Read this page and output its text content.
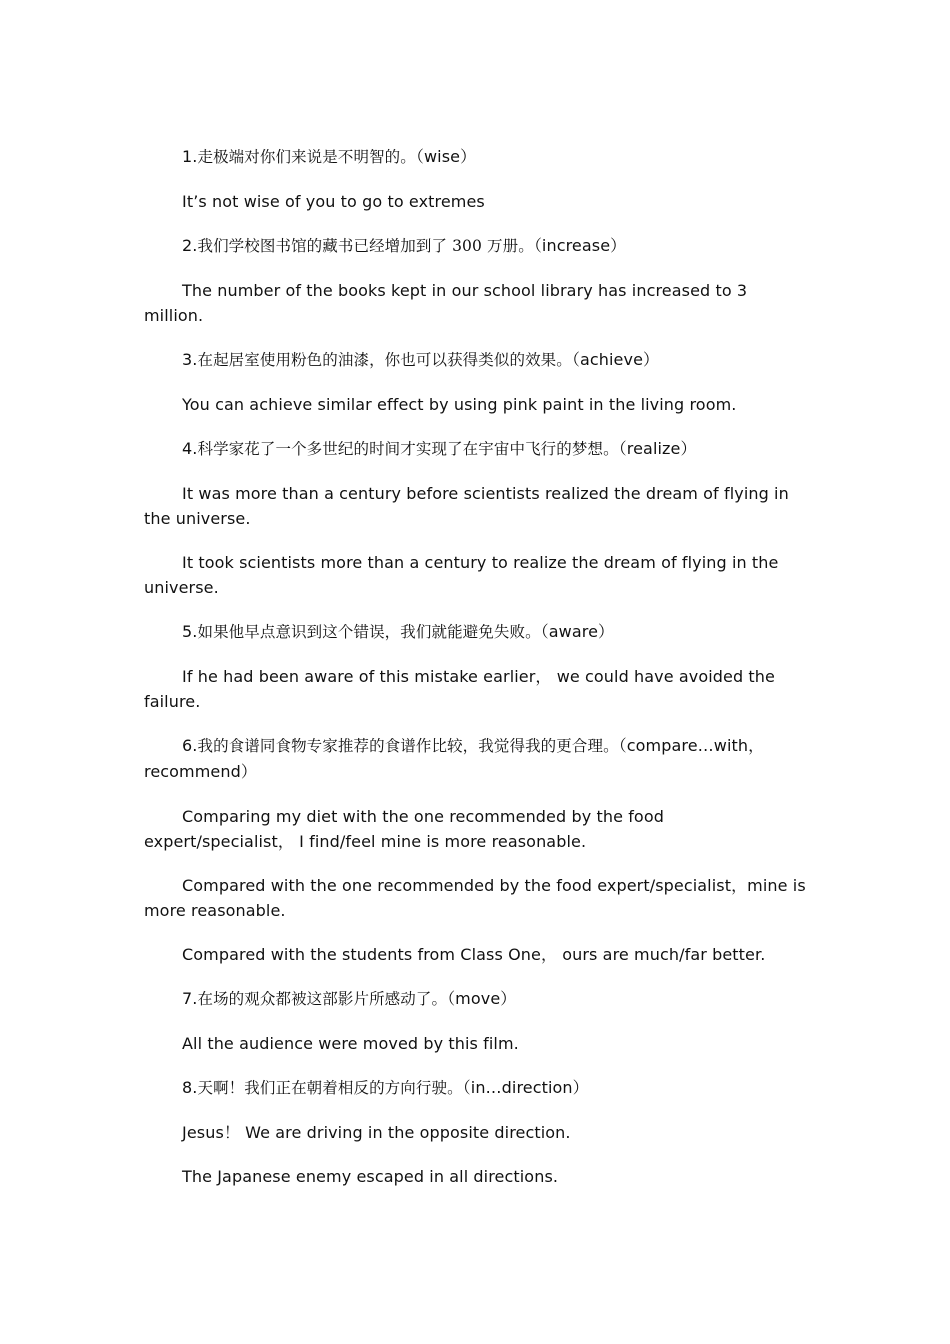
1.走极端对你们来说是不明智的。（wise）

It’s not wise of you to go to extremes

2.我们学校图书馆的藏书已经增加到了 300 万册。（increase）

The number of the books kept in our school library has increased to 3 million.

3.在起居室使用粉色的油漆，你也可以获得类似的效果。（achieve）

You can achieve similar effect by using pink paint in the living room.

4.科学家花了一个多世纪的时间才实现了在宇宙中飞行的梦想。（realize）

It was more than a century before scientists realized the dream of flying in the universe.

It took scientists more than a century to realize the dream of flying in the universe.

5.如果他早点意识到这个错误，我们就能避免失败。（aware）

If he had been aware of this mistake earlier， we could have avoided the failure.

6.我的食谱同食物专家推荐的食谱作比较，我觉得我的更合理。（compare…with， recommend）

Comparing my diet with the one recommended by the food expert/specialist， I find/feel mine is more reasonable.

Compared with the one recommended by the food expert/specialist，mine is more reasonable.

Compared with the students from Class One， ours are much/far better.

7.在场的观众都被这部影片所感动了。（move）

All the audience were moved by this film.

8.天啊！我们正在朝着相反的方向行驶。（in…direction）

Jesus！ We are driving in the opposite direction.

The Japanese enemy escaped in all directions.
